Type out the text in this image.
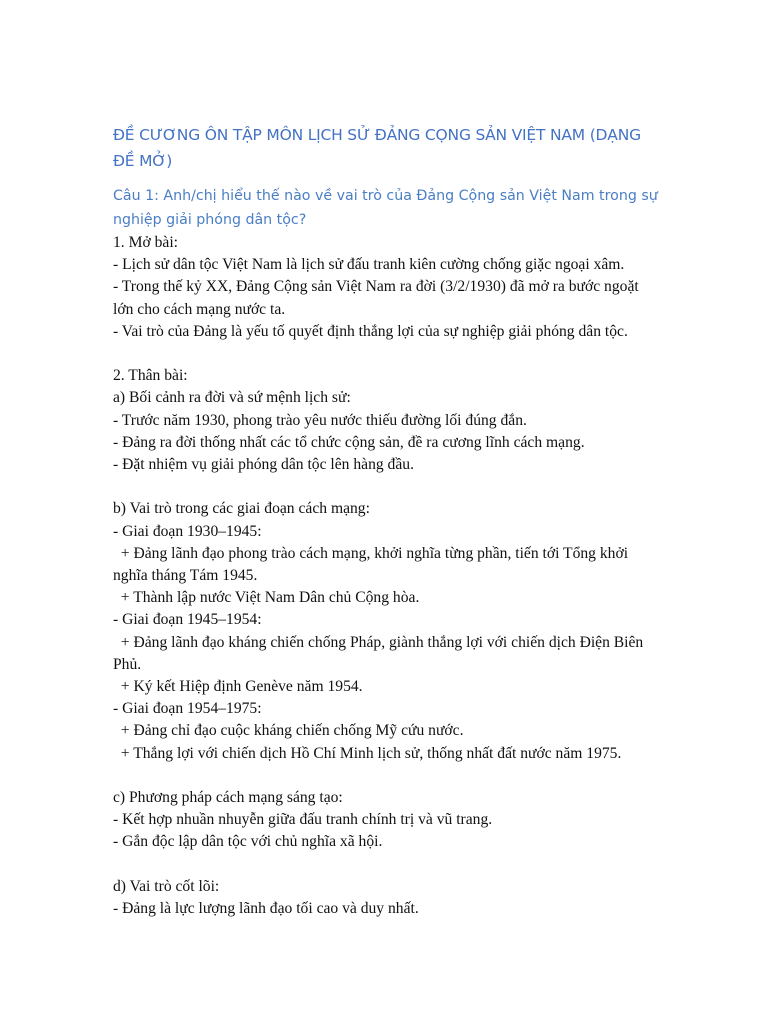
ĐỀ CƯƠNG ÔN TẬP MÔN LỊCH SỬ ĐẢNG CỌNG SẢN VIỆT NAM (DẠNG ĐỀ MỞ)
Câu 1: Anh/chị hiểu thế nào về vai trò của Đảng Cộng sản Việt Nam trong sự nghiệp giải phóng dân tộc?
1. Mở bài:
- Lịch sử dân tộc Việt Nam là lịch sử đấu tranh kiên cường chống giặc ngoại xâm.
- Trong thế kỷ XX, Đảng Cộng sản Việt Nam ra đời (3/2/1930) đã mở ra bước ngoặt lớn cho cách mạng nước ta.
- Vai trò của Đảng là yếu tố quyết định thắng lợi của sự nghiệp giải phóng dân tộc.
2. Thân bài:
a) Bối cảnh ra đời và sứ mệnh lịch sử:
- Trước năm 1930, phong trào yêu nước thiếu đường lối đúng đắn.
- Đảng ra đời thống nhất các tổ chức cộng sản, đề ra cương lĩnh cách mạng.
- Đặt nhiệm vụ giải phóng dân tộc lên hàng đầu.
b) Vai trò trong các giai đoạn cách mạng:
- Giai đoạn 1930–1945:
+ Đảng lãnh đạo phong trào cách mạng, khởi nghĩa từng phần, tiến tới Tổng khởi nghĩa tháng Tám 1945.
+ Thành lập nước Việt Nam Dân chủ Cộng hòa.
- Giai đoạn 1945–1954:
+ Đảng lãnh đạo kháng chiến chống Pháp, giành thắng lợi với chiến dịch Điện Biên Phủ.
+ Ký kết Hiệp định Genève năm 1954.
- Giai đoạn 1954–1975:
+ Đảng chỉ đạo cuộc kháng chiến chống Mỹ cứu nước.
+ Thắng lợi với chiến dịch Hồ Chí Minh lịch sử, thống nhất đất nước năm 1975.
c) Phương pháp cách mạng sáng tạo:
- Kết hợp nhuần nhuyễn giữa đấu tranh chính trị và vũ trang.
- Gắn độc lập dân tộc với chủ nghĩa xã hội.
d) Vai trò cốt lõi:
- Đảng là lực lượng lãnh đạo tối cao và duy nhất.
